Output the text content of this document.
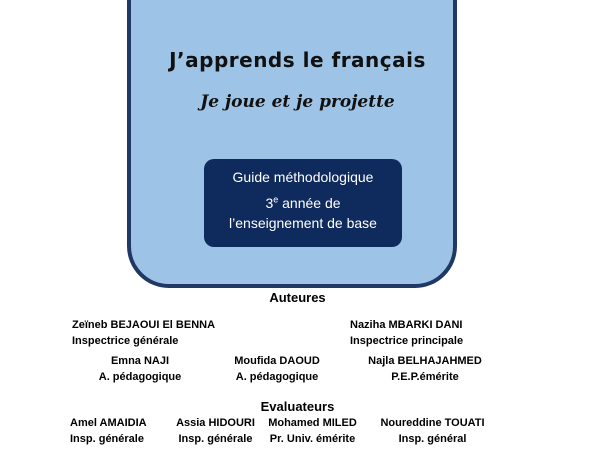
J’apprends le français
Je joue et je projette
Guide méthodologique
3e année de
l’enseignement de base
Auteures
Zeïneb BEJAOUI El BENNA
Inspectrice générale
Naziha MBARKI DANI
Inspectrice principale
Emna NAJI
A. pédagogique
Moufida DAOUD
A. pédagogique
Najla BELHAJAHMED
P.E.P.émérite
Evaluateurs
Amel AMAIDIA
Insp. générale
Assia HIDOURI
Insp. générale
Mohamed MILED
Pr. Univ. émérite
Noureddine TOUATI
Insp. général
